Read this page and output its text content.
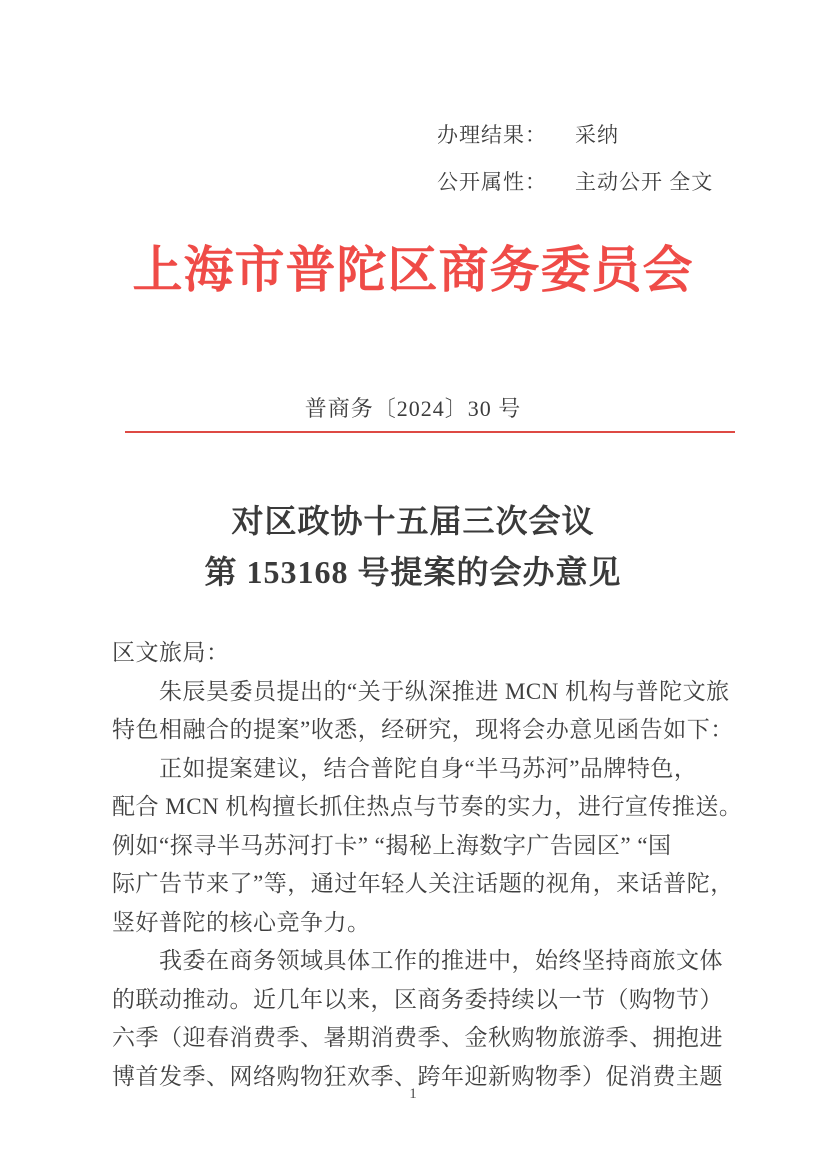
办理结果： 采纳
公开属性： 主动公开 全文
上海市普陀区商务委员会
普商务〔2024〕30 号
对区政协十五届三次会议
第 153168 号提案的会办意见
区文旅局：
　　朱辰昊委员提出的“关于纵深推进 MCN 机构与普陀文旅
特色相融合的提案”收悉，经研究，现将会办意见函告如下：
　　正如提案建议，结合普陀自身“半马苏河”品牌特色，
配合 MCN 机构擅长抓住热点与节奏的实力，进行宣传推送。
例如“探寻半马苏河打卡” “揭秘上海数字广告园区” “国
际广告节来了”等，通过年轻人关注话题的视角，来话普陀，
竖好普陀的核心竞争力。
　　我委在商务领域具体工作的推进中，始终坚持商旅文体
的联动推动。近几年以来，区商务委持续以一节（购物节）
六季（迎春消费季、暑期消费季、金秋购物旅游季、拥抱进
博首发季、网络购物狂欢季、跨年迎新购物季）促消费主题
1
